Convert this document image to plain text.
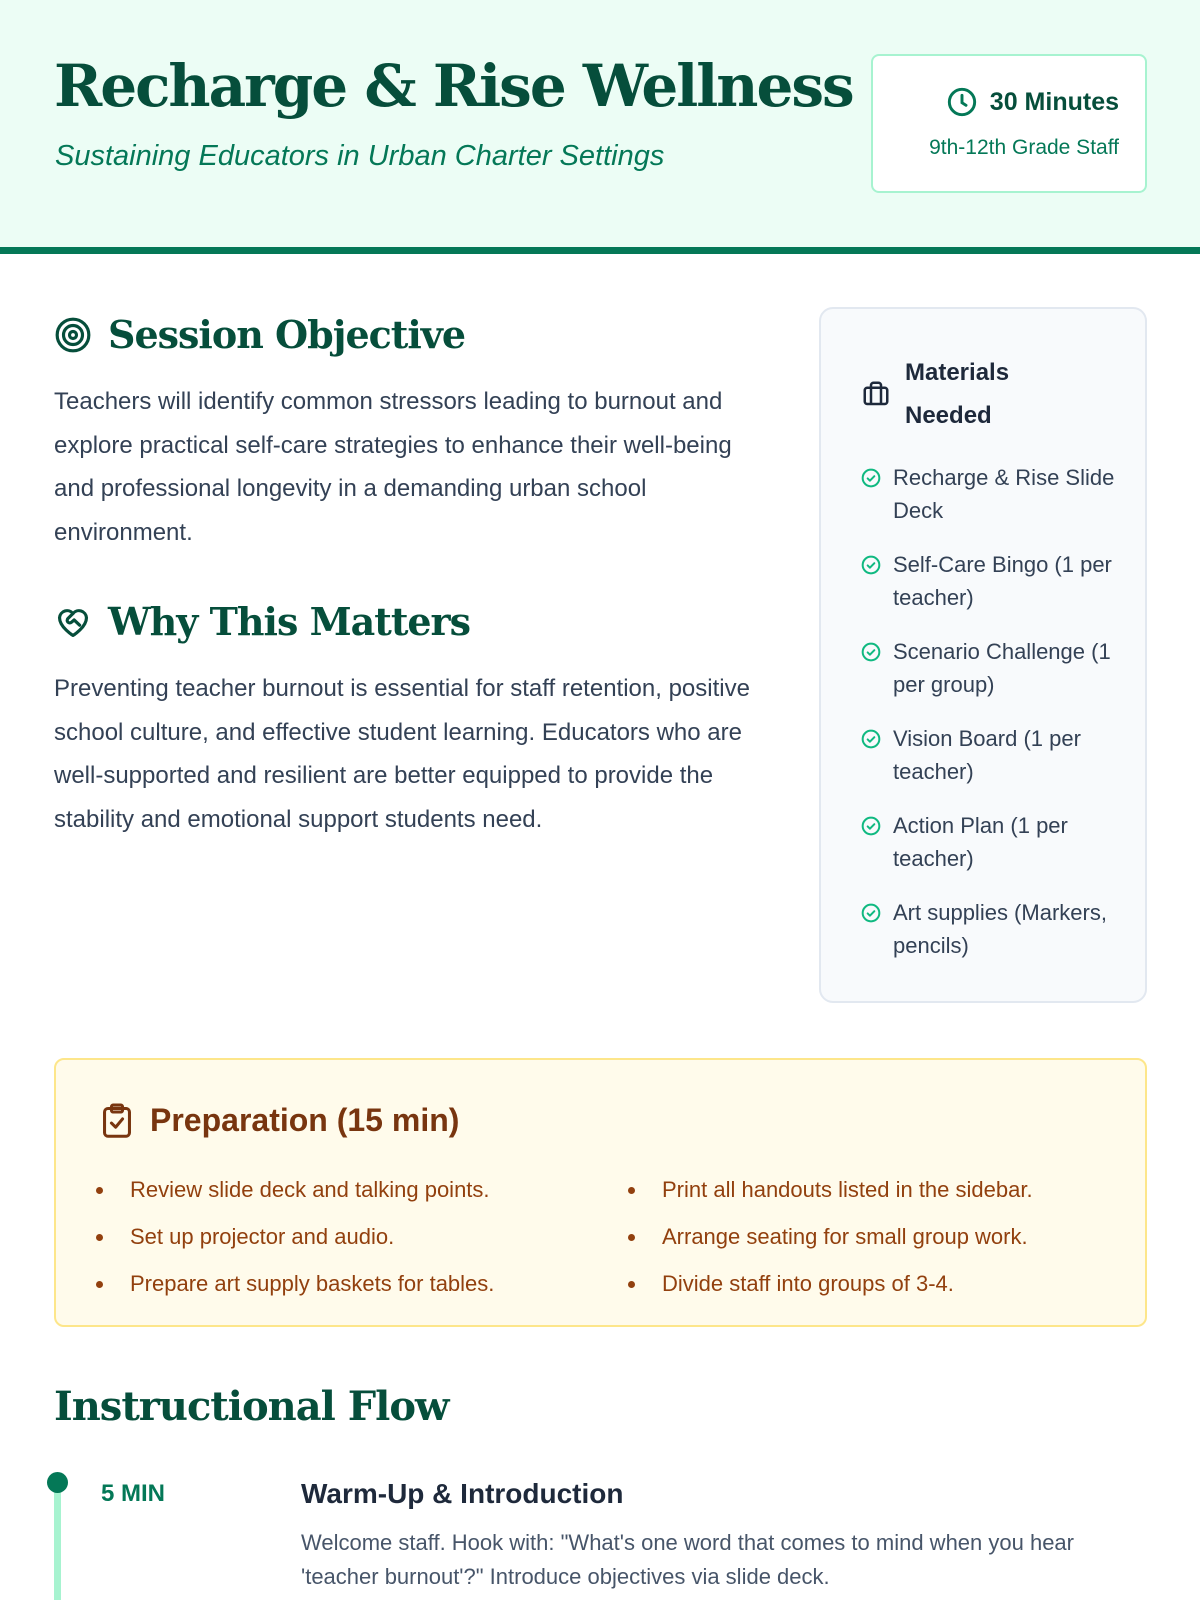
Recharge & Rise Wellness
Sustaining Educators in Urban Charter Settings
30 Minutes
9th-12th Grade Staff
Session Objective

Teachers will identify common stressors leading to burnout and explore practical self-care strategies to enhance their well-being and professional longevity in a demanding urban school environment.

Why This Matters

Preventing teacher burnout is essential for staff retention, positive school culture, and effective student learning. Educators who are well-supported and resilient are better equipped to provide the stability and emotional support students need.

Materials Needed
Recharge & Rise Slide Deck
Self-Care Bingo (1 per teacher)
Scenario Challenge (1 per group)
Vision Board (1 per teacher)
Action Plan (1 per teacher)
Art supplies (Markers, pencils)
Preparation (15 min)
Review slide deck and talking points.
Set up projector and audio.
Prepare art supply baskets for tables.
Print all handouts listed in the sidebar.
Arrange seating for small group work.
Divide staff into groups of 3-4.
Instructional Flow
5 MIN	Warm-Up & Introduction

Welcome staff. Hook with: "What's one word that comes to mind when you hear 'teacher burnout'?" Introduce objectives via slide deck.
